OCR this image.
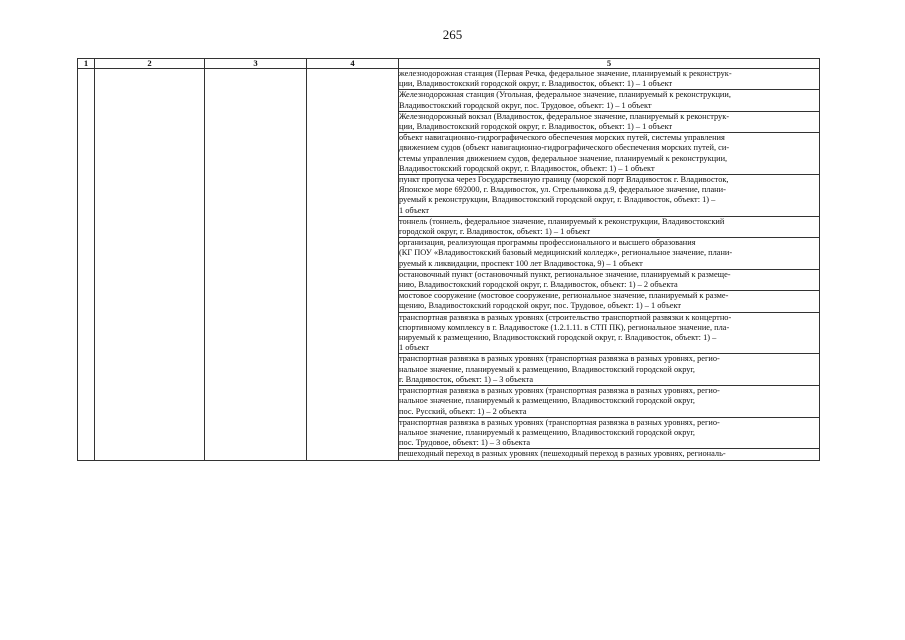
265
1	2	3	4	5

				железнодорожная станция (Первая Речка, федеральное значение, планируемый к реконструк-
ции, Владивостокский городской округ, г. Владивосток, объект: 1) – 1 объект

				Железнодорожная станция (Угольная, федеральное значение, планируемый к реконструкции,
Владивостокский городской округ, пос. Трудовое, объект: 1) – 1 объект

				Железнодорожный вокзал (Владивосток, федеральное значение, планируемый к реконструк-
ции, Владивостокский городской округ, г. Владивосток, объект: 1) – 1 объект

				объект навигационно-гидрографического обеспечения морских путей, системы управления
движением судов (объект навигационно-гидрографического обеспечения морских путей, си-
стемы управления движением судов, федеральное значение, планируемый к реконструкции,
Владивостокский городской округ, г. Владивосток, объект: 1) – 1 объект

				пункт пропуска через Государственную границу (морской порт Владивосток г. Владивосток,
Японское море 692000, г. Владивосток, ул. Стрельникова д.9, федеральное значение, плани-
руемый к реконструкции, Владивостокский городской округ, г. Владивосток, объект: 1) –
1 объект

				тоннель (тоннель, федеральное значение, планируемый к реконструкции, Владивостокский
городской округ, г. Владивосток, объект: 1) – 1 объект

				организация, реализующая программы профессионального и высшего образования
(КГ ПОУ «Владивостокский базовый медицинский колледж», региональное значение, плани-
руемый к ликвидации, проспект 100 лет Владивостока, 9) – 1 объект

				остановочный пункт (остановочный пункт, региональное значение, планируемый к размеще-
нию, Владивостокский городской округ, г. Владивосток, объект: 1) – 2 объекта

				мостовое сооружение (мостовое сооружение, региональное значение, планируемый к разме-
щению, Владивостокский городской округ, пос. Трудовое, объект: 1) – 1 объект

				транспортная развязка в разных уровнях (строительство транспортной развязки к концертно-
спортивному комплексу в г. Владивостоке (1.2.1.11. в СТП ПК), региональное значение, пла-
нируемый к размещению, Владивостокский городской округ, г. Владивосток, объект: 1) –
1 объект

				транспортная развязка в разных уровнях (транспортная развязка в разных уровнях, регио-
нальное значение, планируемый к размещению, Владивостокский городской округ,
г. Владивосток, объект: 1) – 3 объекта

				транспортная развязка в разных уровнях (транспортная развязка в разных уровнях, регио-
нальное значение, планируемый к размещению, Владивостокский городской округ,
пос. Русский, объект: 1) – 2 объекта

				транспортная развязка в разных уровнях (транспортная развязка в разных уровнях, регио-
нальное значение, планируемый к размещению, Владивостокский городской округ,
пос. Трудовое, объект: 1) – 3 объекта

				пешеходный переход в разных уровнях (пешеходный переход в разных уровнях, региональ-
